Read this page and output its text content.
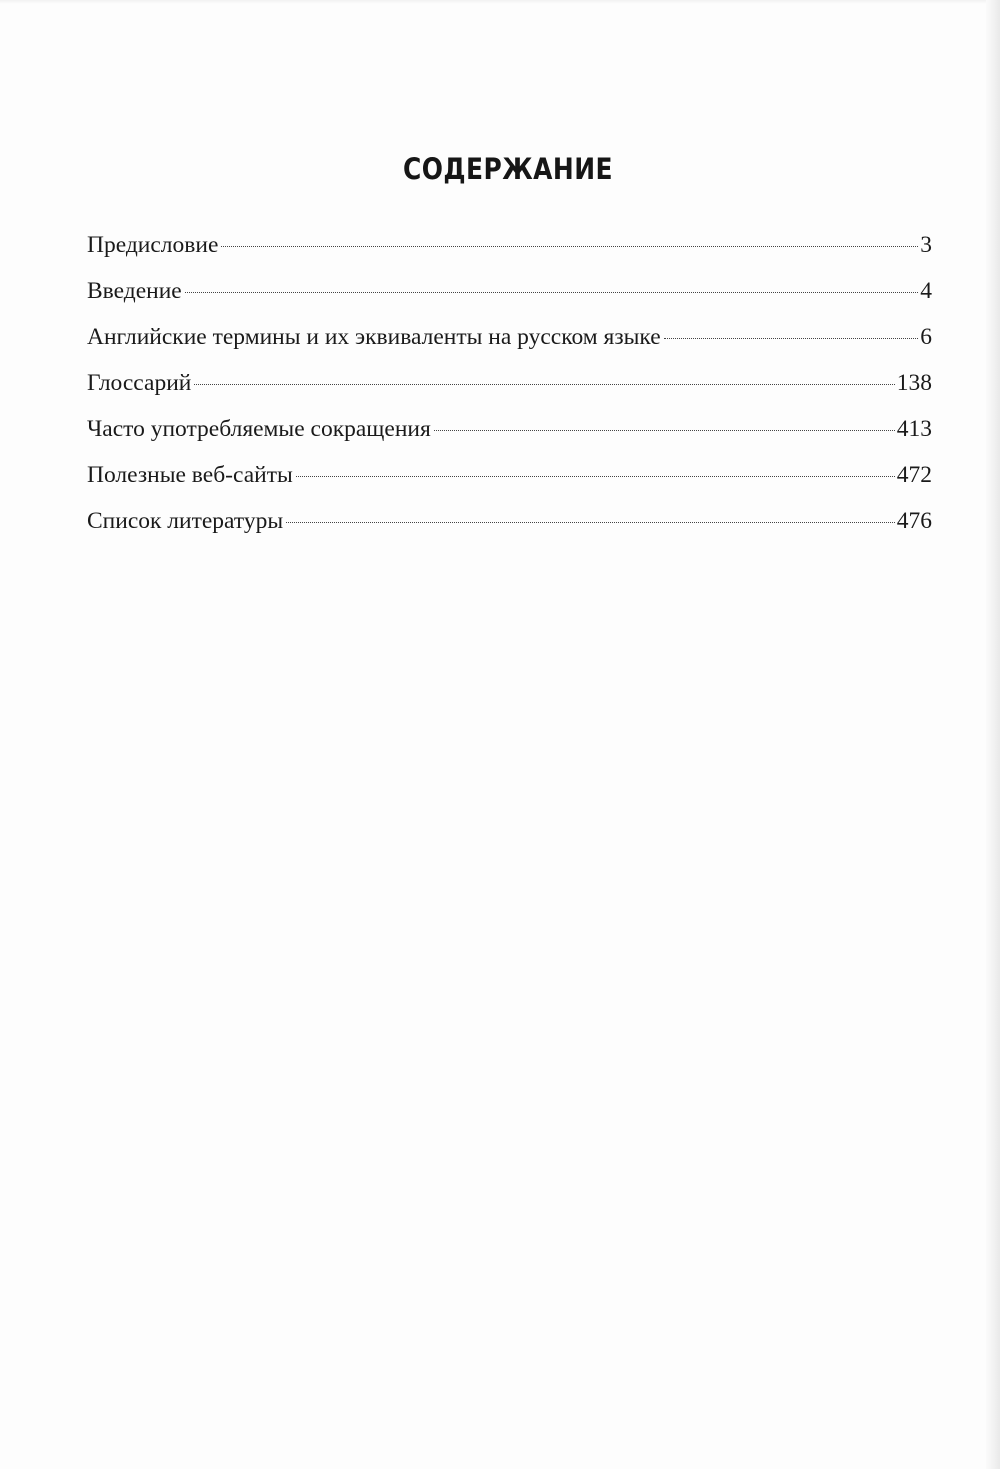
СОДЕРЖАНИЕ
Предисловие	3
Введение	4
Английские термины и их эквиваленты на русском языке	6
Глоссарий	138
Часто употребляемые сокращения	413
Полезные веб-сайты	472
Список литературы	476
